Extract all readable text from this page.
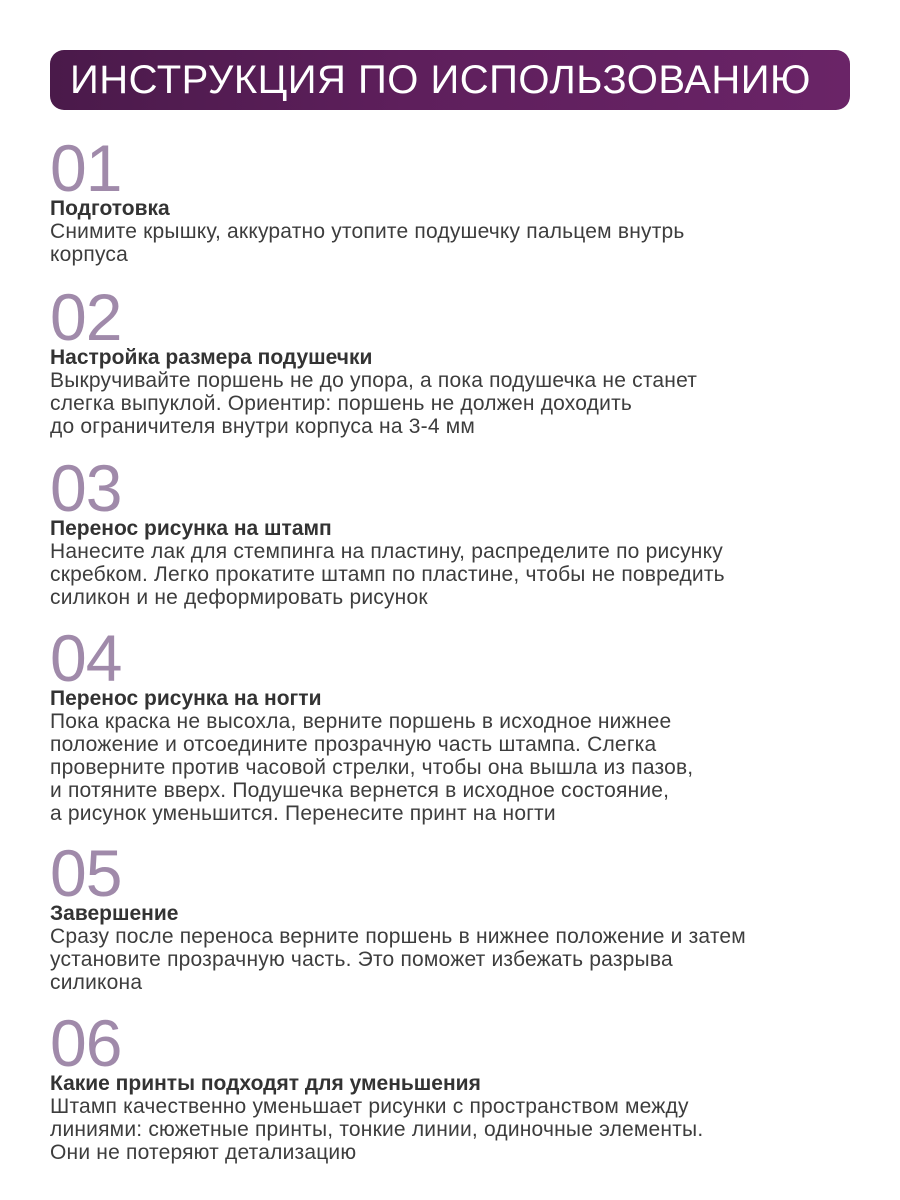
ИНСТРУКЦИЯ ПО ИСПОЛЬЗОВАНИЮ
01
Подготовка
Снимите крышку, аккуратно утопите подушечку пальцем внутрь
корпуса
02
Настройка размера подушечки
Выкручивайте поршень не до упора, а пока подушечка не станет
слегка выпуклой. Ориентир: поршень не должен доходить
до ограничителя внутри корпуса на 3-4 мм
03
Перенос рисунка на штамп
Нанесите лак для стемпинга на пластину, распределите по рисунку
скребком. Легко прокатите штамп по пластине, чтобы не повредить
силикон и не деформировать рисунок
04
Перенос рисунка на ногти
Пока краска не высохла, верните поршень в исходное нижнее
положение и отсоедините прозрачную часть штампа. Слегка
проверните против часовой стрелки, чтобы она вышла из пазов,
и потяните вверх. Подушечка вернется в исходное состояние,
а рисунок уменьшится. Перенесите принт на ногти
05
Завершение
Сразу после переноса верните поршень в нижнее положение и затем
установите прозрачную часть. Это поможет избежать разрыва
силикона
06
Какие принты подходят для уменьшения
Штамп качественно уменьшает рисунки с пространством между
линиями: сюжетные принты, тонкие линии, одиночные элементы.
Они не потеряют детализацию
